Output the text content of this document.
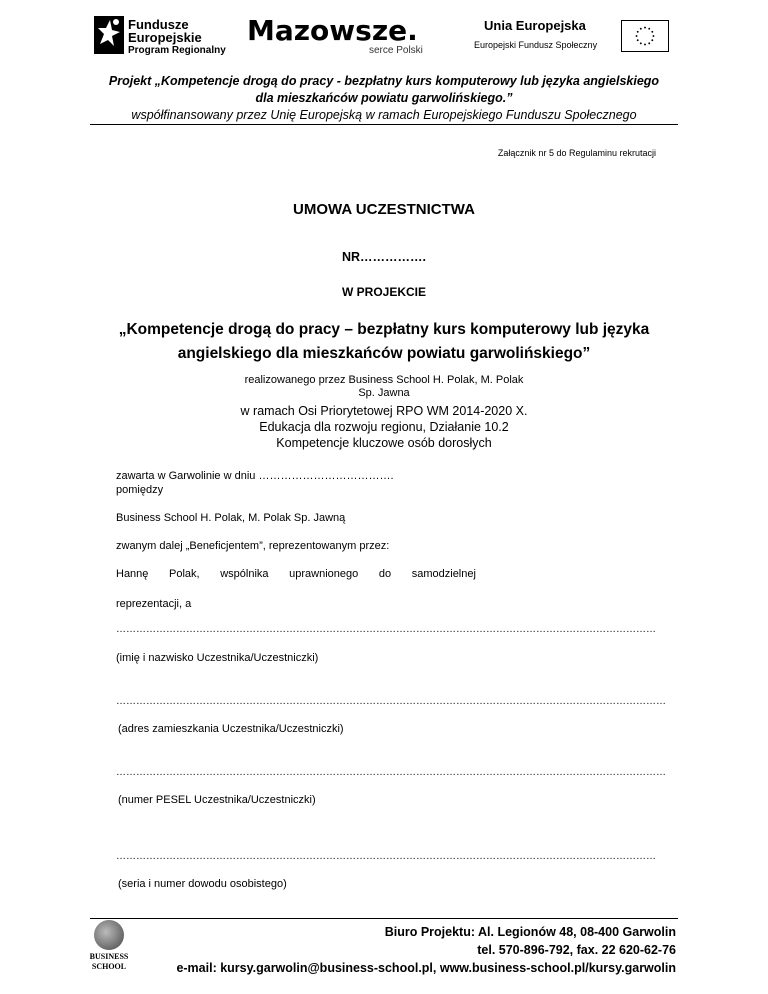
Fundusze
Europejskie
Program Regionalny
Mazowsze.
serce Polski
Unia Europejska
Europejski Fundusz Społeczny
Projekt „Kompetencje drogą do pracy - bezpłatny kurs komputerowy lub języka angielskiego
dla mieszkańców powiatu garwolińskiego.”
współfinansowany przez Unię Europejską w ramach Europejskiego Funduszu Społecznego
Załącznik nr 5 do Regulaminu rekrutacji
UMOWA UCZESTNICTWA
NR…………….
W PROJEKCIE
„Kompetencje drogą do pracy – bezpłatny kurs komputerowy lub języka angielskiego dla mieszkańców powiatu garwolińskiego”
realizowanego przez Business School H. Polak, M. Polak
Sp. Jawna
w ramach Osi Priorytetowej RPO WM 2014-2020 X.
Edukacja dla rozwoju regionu, Działanie 10.2
Kompetencje kluczowe osób dorosłych
zawarta w Garwolinie w dniu ……………………………….
pomiędzy
Business School H. Polak, M. Polak Sp. Jawną
zwanym dalej „Beneficjentem”, reprezentowanym przez:
Hannę Polak, wspólnika uprawnionego do samodzielnej
reprezentacji, a
………………………………………………………………………………………………………………………………………………
(imię i nazwisko Uczestnika/Uczestniczki)
…………………………………………………………………………………………………………………………………………………
(adres zamieszkania Uczestnika/Uczestniczki)
…………………………………………………………………………………………………………………………………………………
(numer PESEL Uczestnika/Uczestniczki)
………………………………………………………………………………………………………………………………………………
(seria i numer dowodu osobistego)
BUSINESS
SCHOOL
Biuro Projektu: Al. Legionów 48, 08-400 Garwolin
tel. 570-896-792, fax. 22 620-62-76
e-mail: kursy.garwolin@business-school.pl, www.business-school.pl/kursy.garwolin
